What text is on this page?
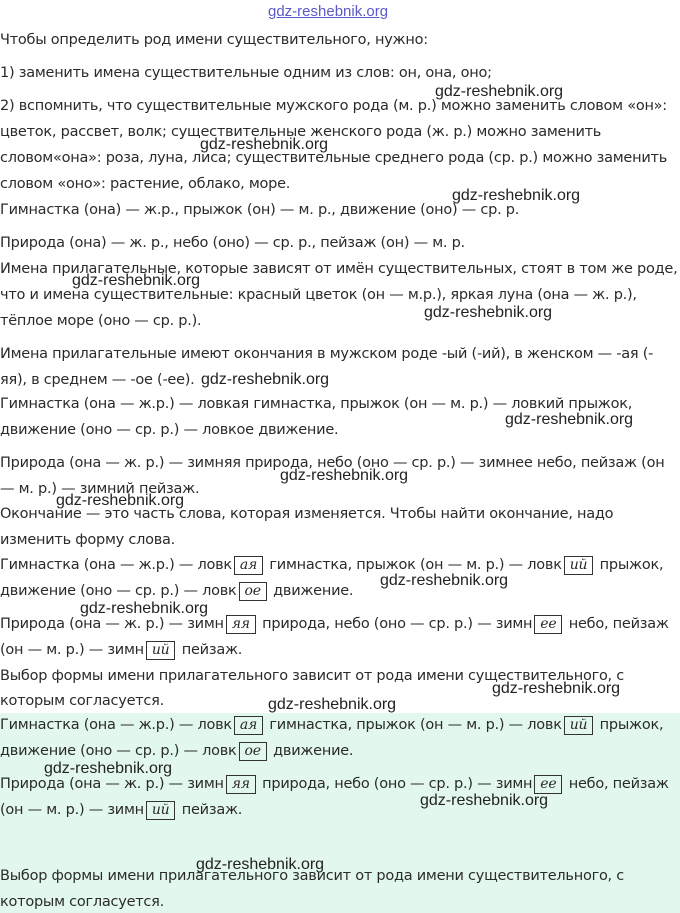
gdz-reshebnik.org
gdz-reshebnik.org
gdz-reshebnik.org
gdz-reshebnik.org
gdz-reshebnik.org
gdz-reshebnik.org
gdz-reshebnik.org
gdz-reshebnik.org
gdz-reshebnik.org
gdz-reshebnik.org
gdz-reshebnik.org
gdz-reshebnik.org
gdz-reshebnik.org
gdz-reshebnik.org
gdz-reshebnik.org
gdz-reshebnik.org
gdz-reshebnik.org

Чтобы определить род имени существительного, нужно:

1) заменить имена существительные одним из слов: он, она, оно;

2) вспомнить, что существительные мужского рода (м. р.) можно заменить словом «он»:

цветок, рассвет, волк; существительные женского рода (ж. р.) можно заменить

словом«она»: роза, луна, лиса; существительные среднего рода (ср. р.) можно заменить

словом «оно»: растение, облако, море.

Гимнастка (она) — ж.р., прыжок (он) — м. р., движение (оно) — ср. р.

Природа (она) — ж. р., небо (оно) — ср. р., пейзаж (он) — м. р.

Имена прилагательные, которые зависят от имён существительных, стоят в том же роде,

что и имена существительные: красный цветок (он — м.р.), яркая луна (она — ж. р.),

тёплое море (оно — ср. р.).

Имена прилагательные имеют окончания в мужском роде -ый (-ий), в женском — -ая (-

яя), в среднем — -ое (-ее).

Гимнастка (она — ж.р.) — ловкая гимнастка, прыжок (он — м. р.) — ловкий прыжок,

движение (оно — ср. р.) — ловкое движение.

Природа (она — ж. р.) — зимняя природа, небо (оно — ср. р.) — зимнее небо, пейзаж (он

— м. р.) — зимний пейзаж.

Окончание — это часть слова, которая изменяется. Чтобы найти окончание, надо

изменить форму слова.

Гимнастка (она — ж.р.) — ловк ая гимнастка, прыжок (он — м. р.) — ловк ий прыжок,

движение (оно — ср. р.) — ловк ое движение.

Природа (она — ж. р.) — зимн яя природа, небо (оно — ср. р.) — зимн ее небо, пейзаж

(он — м. р.) — зимн ий пейзаж.

Выбор формы имени прилагательного зависит от рода имени существительного, с

которым согласуется.

Гимнастка (она — ж.р.) — ловк ая гимнастка, прыжок (он — м. р.) — ловк ий прыжок,

движение (оно — ср. р.) — ловк ое движение.

Природа (она — ж. р.) — зимн яя природа, небо (оно — ср. р.) — зимн ее небо, пейзаж

(он — м. р.) — зимн ий пейзаж.

Выбор формы имени прилагательного зависит от рода имени существительного, с

которым согласуется.
